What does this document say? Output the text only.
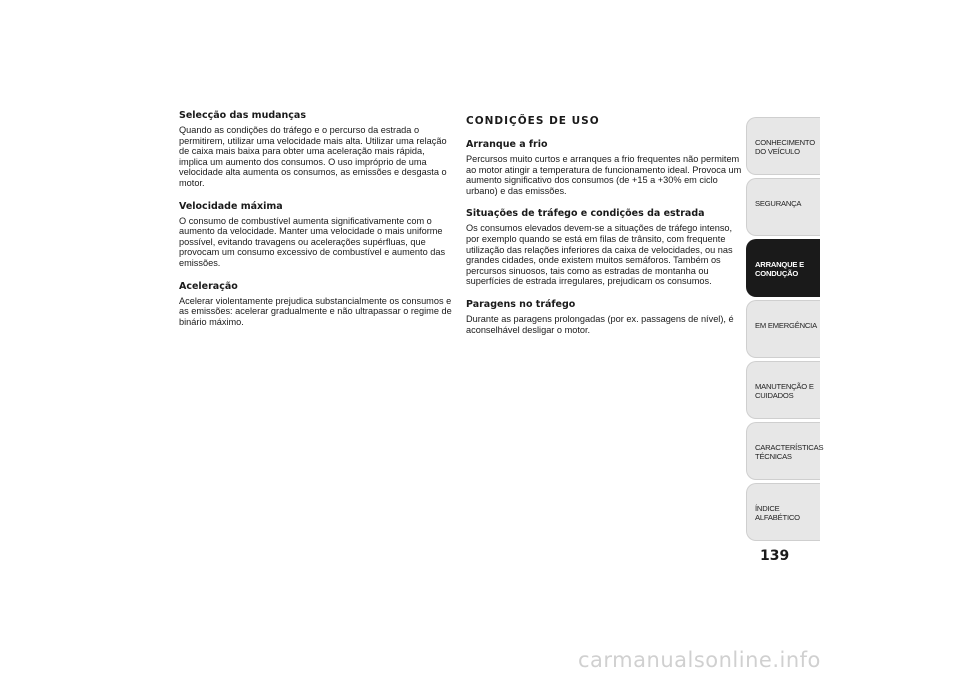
Selecção das mudanças
Quando as condições do tráfego e o percurso da estrada o permitirem, utilizar uma velocidade mais alta. Utilizar uma relação de caixa mais baixa para obter uma aceleração mais rápida, implica um aumento dos consumos. O uso impróprio de uma velocidade alta aumenta os consumos, as emissões e desgasta o motor.
Velocidade máxima
O consumo de combustível aumenta significativamente com o aumento da velocidade. Manter uma velocidade o mais uniforme possível, evitando travagens ou acelerações supérfluas, que provocam um consumo excessivo de combustível e aumento das emissões.
Aceleração
Acelerar violentamente prejudica substancialmente os consumos e as emissões: acelerar gradualmente e não ultrapassar o regime de binário máximo.
CONDIÇÕES DE USO
Arranque a frio
Percursos muito curtos e arranques a frio frequentes não permitem ao motor atingir a temperatura de funcionamento ideal. Provoca um aumento significativo dos consumos (de +15 a +30% em ciclo urbano) e das emissões.
Situações de tráfego e condições da estrada
Os consumos elevados devem-se a situações de tráfego intenso, por exemplo quando se está em filas de trânsito, com frequente utilização das relações inferiores da caixa de velocidades, ou nas grandes cidades, onde existem muitos semáforos. Também os percursos sinuosos, tais como as estradas de montanha ou superfícies de estrada irregulares, prejudicam os consumos.
Paragens no tráfego
Durante as paragens prolongadas (por ex. passagens de nível), é aconselhável desligar o motor.
CONHECIMENTO DO VEÍCULO
SEGURANÇA
ARRANQUE E CONDUÇÃO
EM EMERGÊNCIA
MANUTENÇÃO E CUIDADOS
CARACTERÍSTICAS TÉCNICAS
ÍNDICE ALFABÉTICO
139
carmanualsonline.info
